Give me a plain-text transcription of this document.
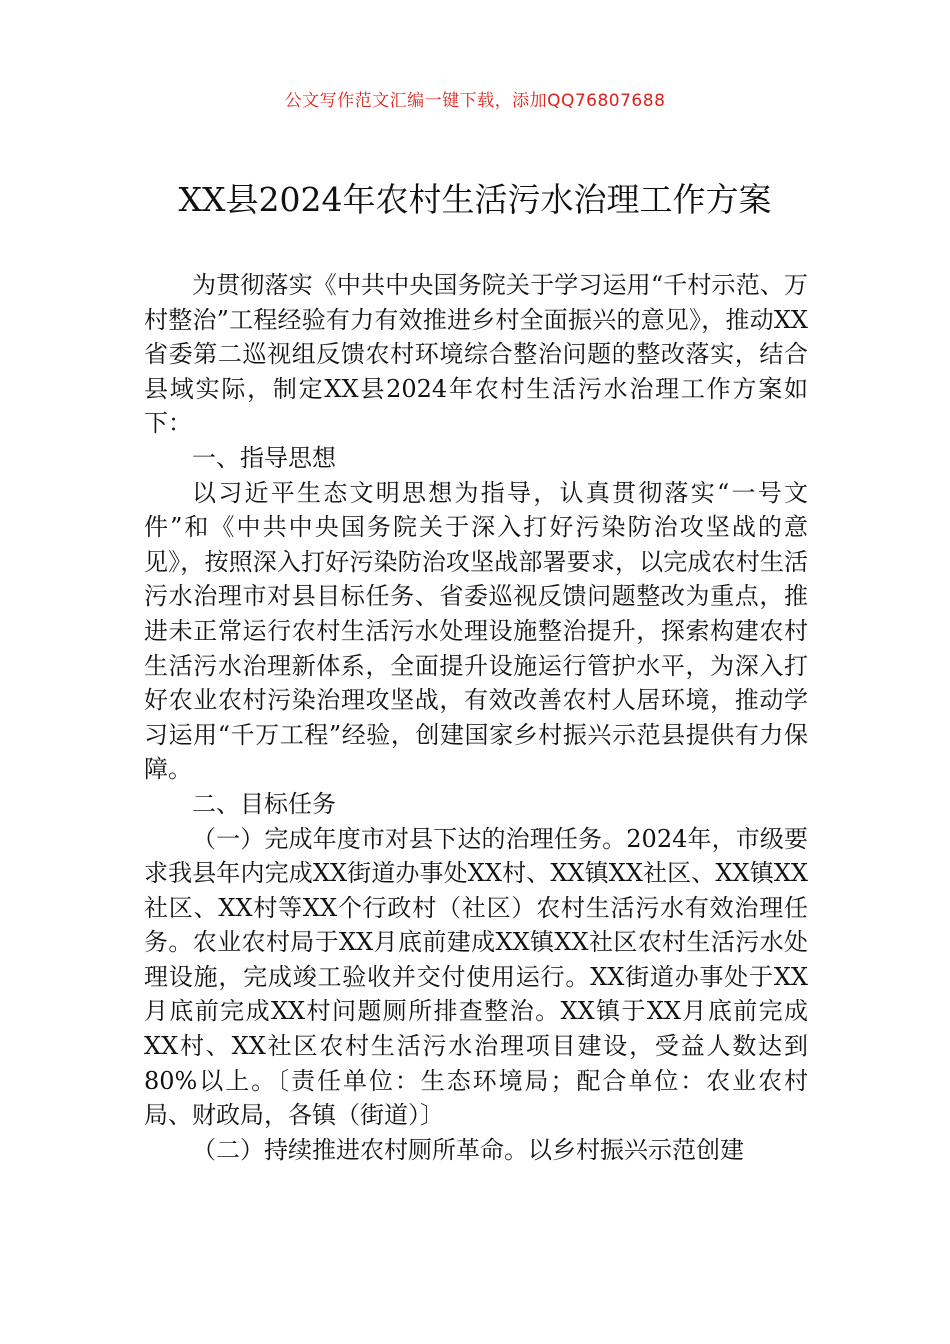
公文写作范文汇编一键下载，添加QQ76807688
XX县2024年农村生活污水治理工作方案

为贯彻落实《中共中央国务院关于学习运用“千村示范、万村整治”工程经验有力有效推进乡村全面振兴的意见》，推动XX省委第二巡视组反馈农村环境综合整治问题的整改落实，结合县域实际，制定XX县2024年农村生活污水治理工作方案如下：

一、指导思想

以习近平生态文明思想为指导，认真贯彻落实“一号文件”和《中共中央国务院关于深入打好污染防治攻坚战的意见》，按照深入打好污染防治攻坚战部署要求，以完成农村生活污水治理市对县目标任务、省委巡视反馈问题整改为重点，推进未正常运行农村生活污水处理设施整治提升，探索构建农村生活污水治理新体系，全面提升设施运行管护水平，为深入打好农业农村污染治理攻坚战，有效改善农村人居环境，推动学习运用“千万工程”经验，创建国家乡村振兴示范县提供有力保障。

二、目标任务

（一）完成年度市对县下达的治理任务。2024年，市级要求我县年内完成XX街道办事处XX村、XX镇XX社区、XX镇XX社区、XX村等XX个行政村（社区）农村生活污水有效治理任务。农业农村局于XX月底前建成XX镇XX社区农村生活污水处理设施，完成竣工验收并交付使用运行。XX街道办事处于XX月底前完成XX村问题厕所排查整治。XX镇于XX月底前完成XX村、XX社区农村生活污水治理项目建设，受益人数达到80%以上。〔责任单位：生态环境局；配合单位：农业农村局、财政局，各镇（街道）〕

（二）持续推进农村厕所革命。以乡村振兴示范创建
